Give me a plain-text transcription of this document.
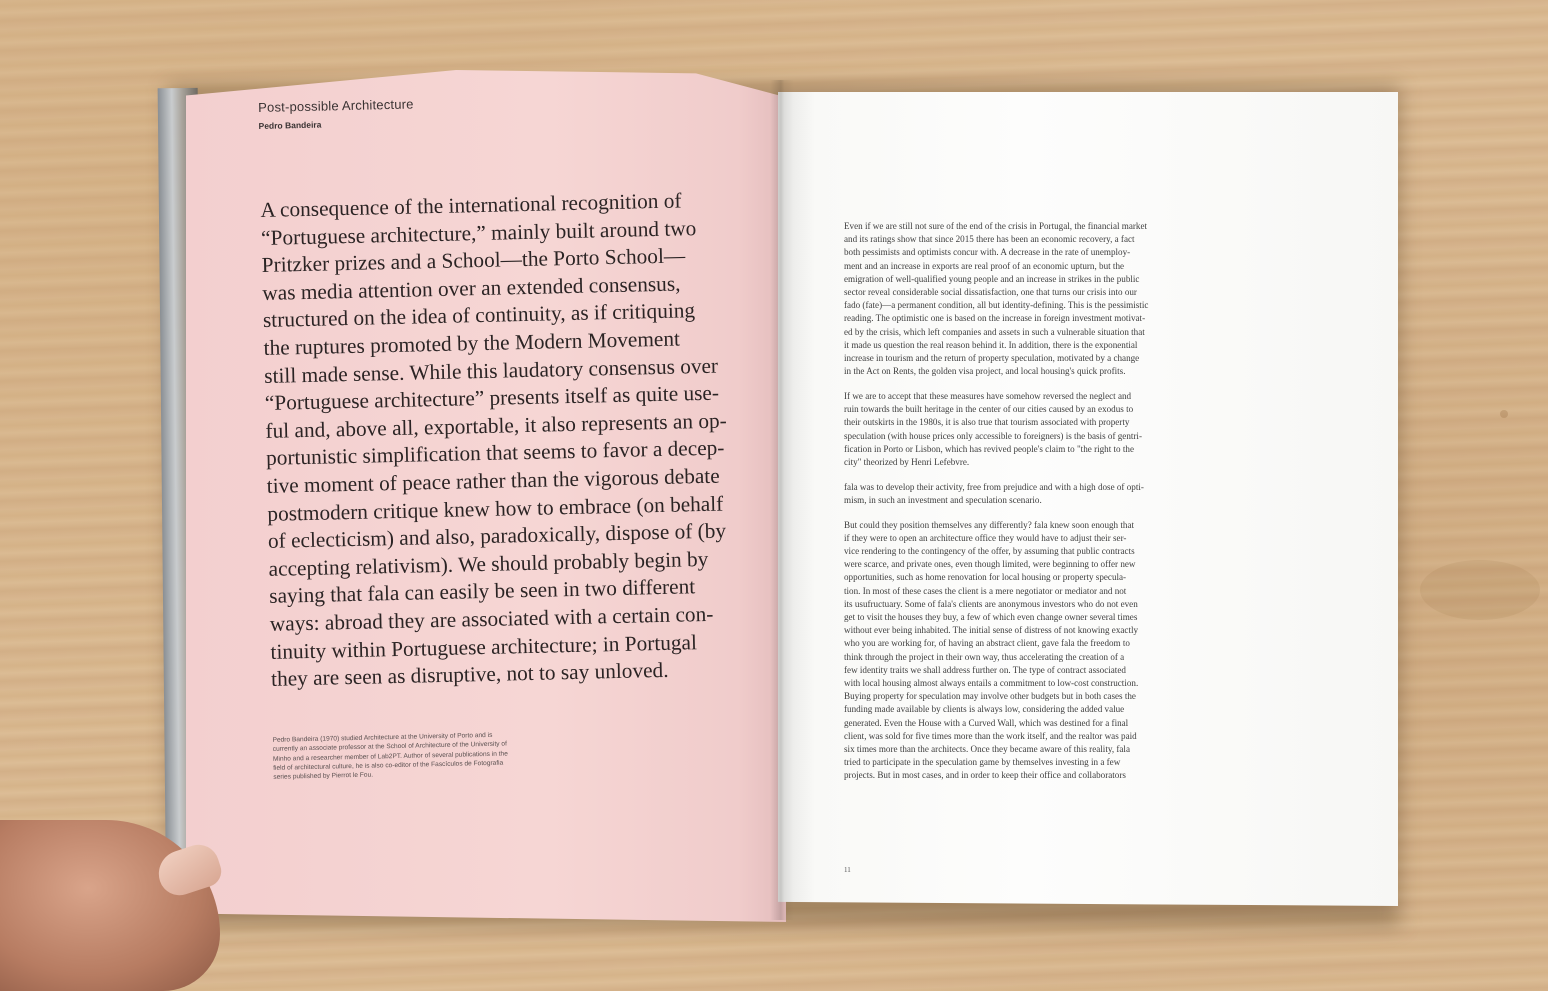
Post-possible Architecture
Pedro Bandeira
A consequence of the international recognition of
“Portuguese architecture,” mainly built around two
Pritzker prizes and a School—the Porto School—
was media attention over an extended consensus,
structured on the idea of continuity, as if critiquing
the ruptures promoted by the Modern Movement
still made sense. While this laudatory consensus over
“Portuguese architecture” presents itself as quite use-
ful and, above all, exportable, it also represents an op-
portunistic simplification that seems to favor a decep-
tive moment of peace rather than the vigorous debate
postmodern critique knew how to embrace (on behalf
of eclecticism) and also, paradoxically, dispose of (by
accepting relativism). We should probably begin by
saying that fala can easily be seen in two different
ways: abroad they are associated with a certain con-
tinuity within Portuguese architecture; in Portugal
they are seen as disruptive, not to say unloved.
Pedro Bandeira (1970) studied Architecture at the University of Porto and is
currently an associate professor at the School of Architecture of the University of
Minho and a researcher member of Lab2PT. Author of several publications in the
field of architectural culture, he is also co-editor of the Fascículos de Fotografia
series published by Pierrot le Fou.
Even if we are still not sure of the end of the crisis in Portugal, the financial market
and its ratings show that since 2015 there has been an economic recovery, a fact
both pessimists and optimists concur with. A decrease in the rate of unemploy-
ment and an increase in exports are real proof of an economic upturn, but the
emigration of well-qualified young people and an increase in strikes in the public
sector reveal considerable social dissatisfaction, one that turns our crisis into our
fado (fate)—a permanent condition, all but identity-defining. This is the pessimistic
reading. The optimistic one is based on the increase in foreign investment motivat-
ed by the crisis, which left companies and assets in such a vulnerable situation that
it made us question the real reason behind it. In addition, there is the exponential
increase in tourism and the return of property speculation, motivated by a change
in the Act on Rents, the golden visa project, and local housing's quick profits.
If we are to accept that these measures have somehow reversed the neglect and
ruin towards the built heritage in the center of our cities caused by an exodus to
their outskirts in the 1980s, it is also true that tourism associated with property
speculation (with house prices only accessible to foreigners) is the basis of gentri-
fication in Porto or Lisbon, which has revived people's claim to "the right to the
city" theorized by Henri Lefebvre.
fala was to develop their activity, free from prejudice and with a high dose of opti-
mism, in such an investment and speculation scenario.
But could they position themselves any differently? fala knew soon enough that
if they were to open an architecture office they would have to adjust their ser-
vice rendering to the contingency of the offer, by assuming that public contracts
were scarce, and private ones, even though limited, were beginning to offer new
opportunities, such as home renovation for local housing or property specula-
tion. In most of these cases the client is a mere negotiator or mediator and not
its usufructuary. Some of fala's clients are anonymous investors who do not even
get to visit the houses they buy, a few of which even change owner several times
without ever being inhabited. The initial sense of distress of not knowing exactly
who you are working for, of having an abstract client, gave fala the freedom to
think through the project in their own way, thus accelerating the creation of a
few identity traits we shall address further on. The type of contract associated
with local housing almost always entails a commitment to low-cost construction.
Buying property for speculation may involve other budgets but in both cases the
funding made available by clients is always low, considering the added value
generated. Even the House with a Curved Wall, which was destined for a final
client, was sold for five times more than the work itself, and the realtor was paid
six times more than the architects. Once they became aware of this reality, fala
tried to participate in the speculation game by themselves investing in a few
projects. But in most cases, and in order to keep their office and collaborators
11
